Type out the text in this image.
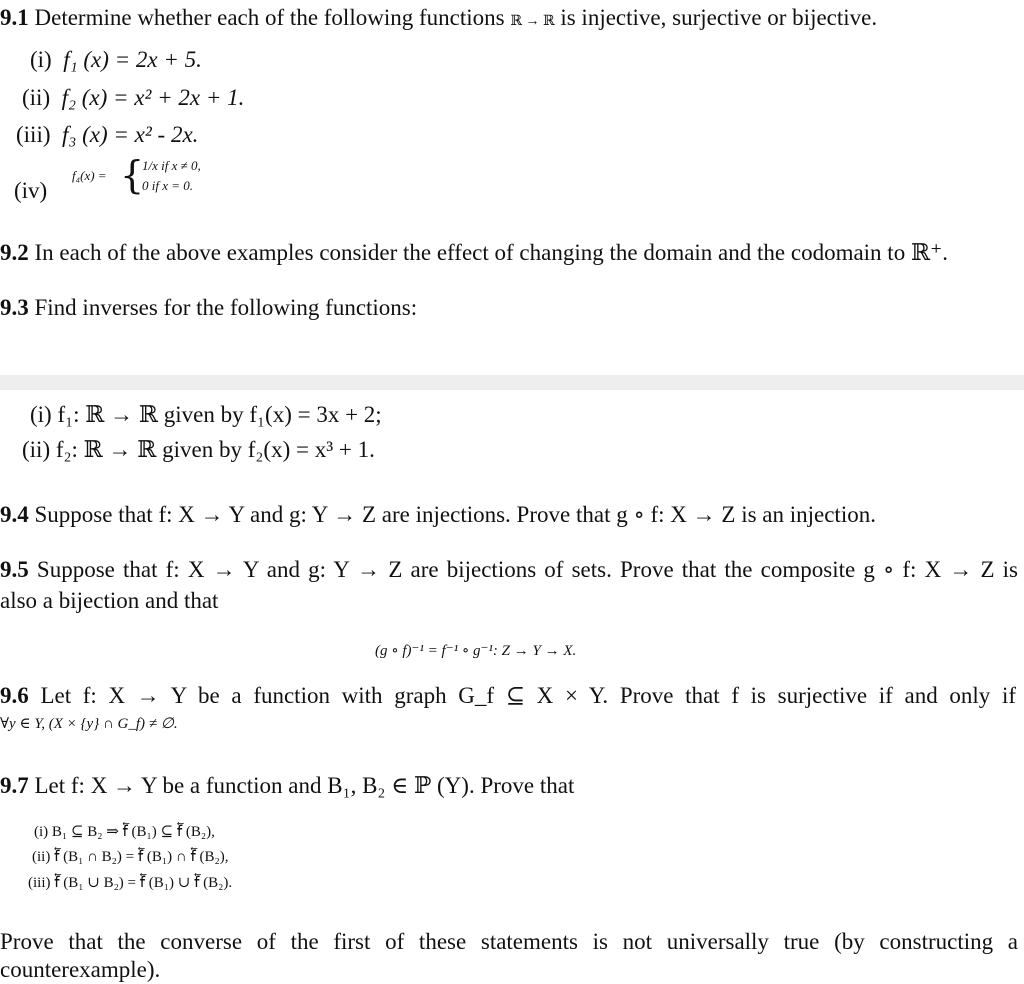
9.1 Determine whether each of the following functions ℝ → ℝ is injective, surjective or bijective.
(i) f₁ (x) = 2x + 5.
(ii) f₂ (x) = x² + 2x + 1.
(iii) f₃ (x) = x² - 2x.
(iv)
f₄(x) = {
1/x if x ≠ 0,
0 if x = 0.
9.2 In each of the above examples consider the effect of changing the domain and the codomain to ℝ⁺.
9.3 Find inverses for the following functions:
(i) f₁: ℝ → ℝ given by f₁(x) = 3x + 2;
(ii) f₂: ℝ → ℝ given by f₂(x) = x³ + 1.
9.4 Suppose that f: X → Y and g: Y → Z are injections. Prove that g ∘ f: X → Z is an injection.
9.5 Suppose that f: X → Y and g: Y → Z are bijections of sets. Prove that the composite g ∘ f: X → Z is
also a bijection and that
(g ∘ f)⁻¹ = f⁻¹ ∘ g⁻¹: Z → Y → X.
9.6 Let f: X → Y be a function with graph G_f ⊆ X × Y. Prove that f is surjective if and only if
∀y ∈ Y, (X × {y} ∩ G_f) ≠ ∅.
9.7 Let f: X → Y be a function and B₁, B₂ ∈ ℙ (Y). Prove that
(i) B₁ ⊆ B₂ ⇒ f⃖ (B₁) ⊆ f⃖ (B₂),
(ii) f⃖ (B₁ ∩ B₂) = f⃖ (B₁) ∩ f⃖ (B₂),
(iii) f⃖ (B₁ ∪ B₂) = f⃖ (B₁) ∪ f⃖ (B₂).
Prove that the converse of the first of these statements is not universally true (by constructing a
counterexample).
